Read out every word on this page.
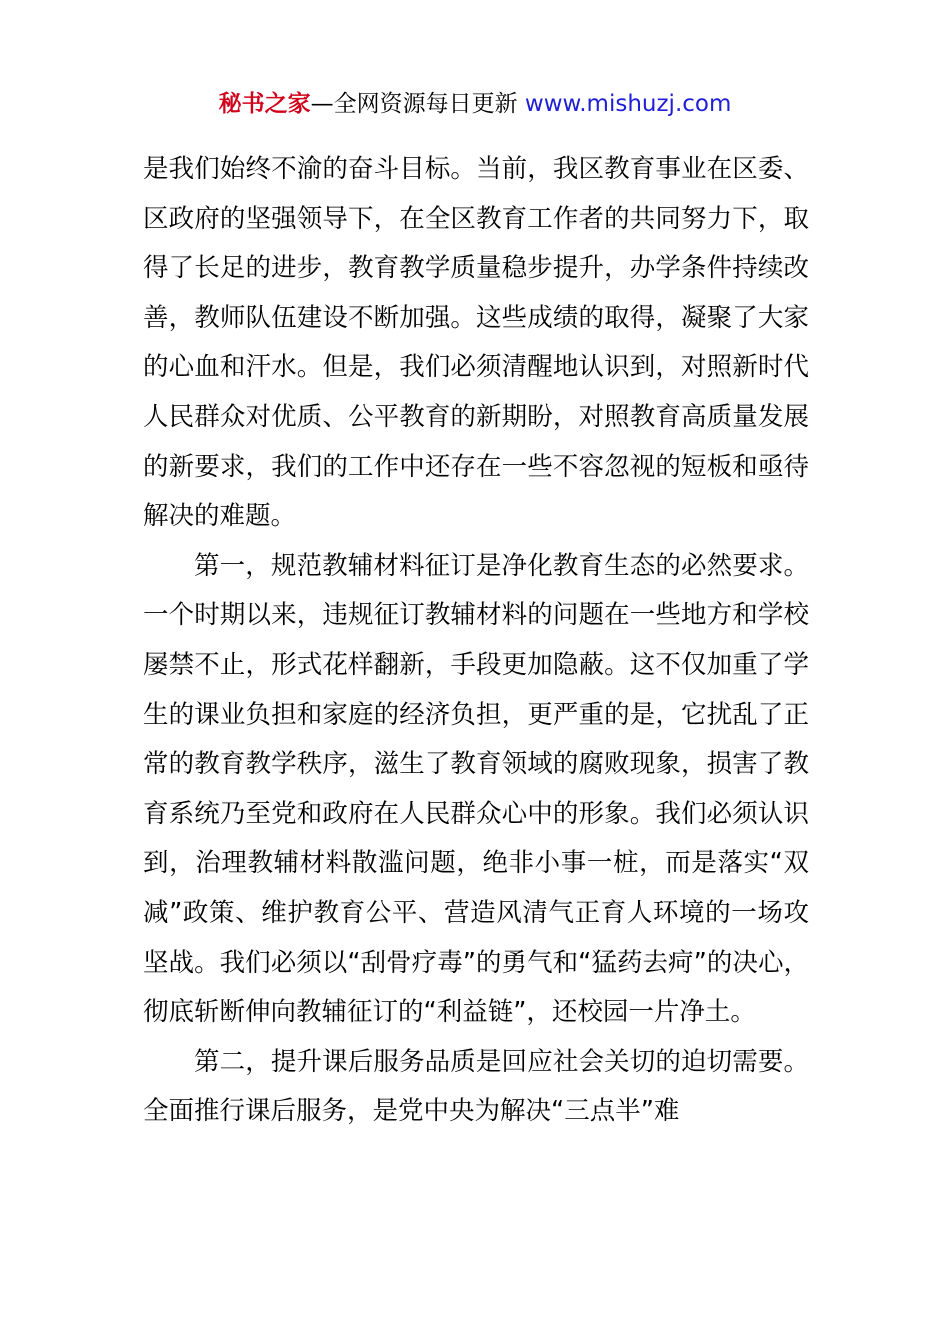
秘书之家—全网资源每日更新 www.mishuzj.com

是我们始终不渝的奋斗目标。当前，我区教育事业在区委、区政府的坚强领导下，在全区教育工作者的共同努力下，取得了长足的进步，教育教学质量稳步提升，办学条件持续改善，教师队伍建设不断加强。这些成绩的取得，凝聚了大家的心血和汗水。但是，我们必须清醒地认识到，对照新时代人民群众对优质、公平教育的新期盼，对照教育高质量发展的新要求，我们的工作中还存在一些不容忽视的短板和亟待解决的难题。

第一，规范教辅材料征订是净化教育生态的必然要求。一个时期以来，违规征订教辅材料的问题在一些地方和学校屡禁不止，形式花样翻新，手段更加隐蔽。这不仅加重了学生的课业负担和家庭的经济负担，更严重的是，它扰乱了正常的教育教学秩序，滋生了教育领域的腐败现象，损害了教育系统乃至党和政府在人民群众心中的形象。我们必须认识到，治理教辅材料散滥问题，绝非小事一桩，而是落实“双减”政策、维护教育公平、营造风清气正育人环境的一场攻坚战。我们必须以“刮骨疗毒”的勇气和“猛药去疴”的决心，彻底斩断伸向教辅征订的“利益链”，还校园一片净土。

第二，提升课后服务品质是回应社会关切的迫切需要。全面推行课后服务，是党中央为解决“三点半”难
